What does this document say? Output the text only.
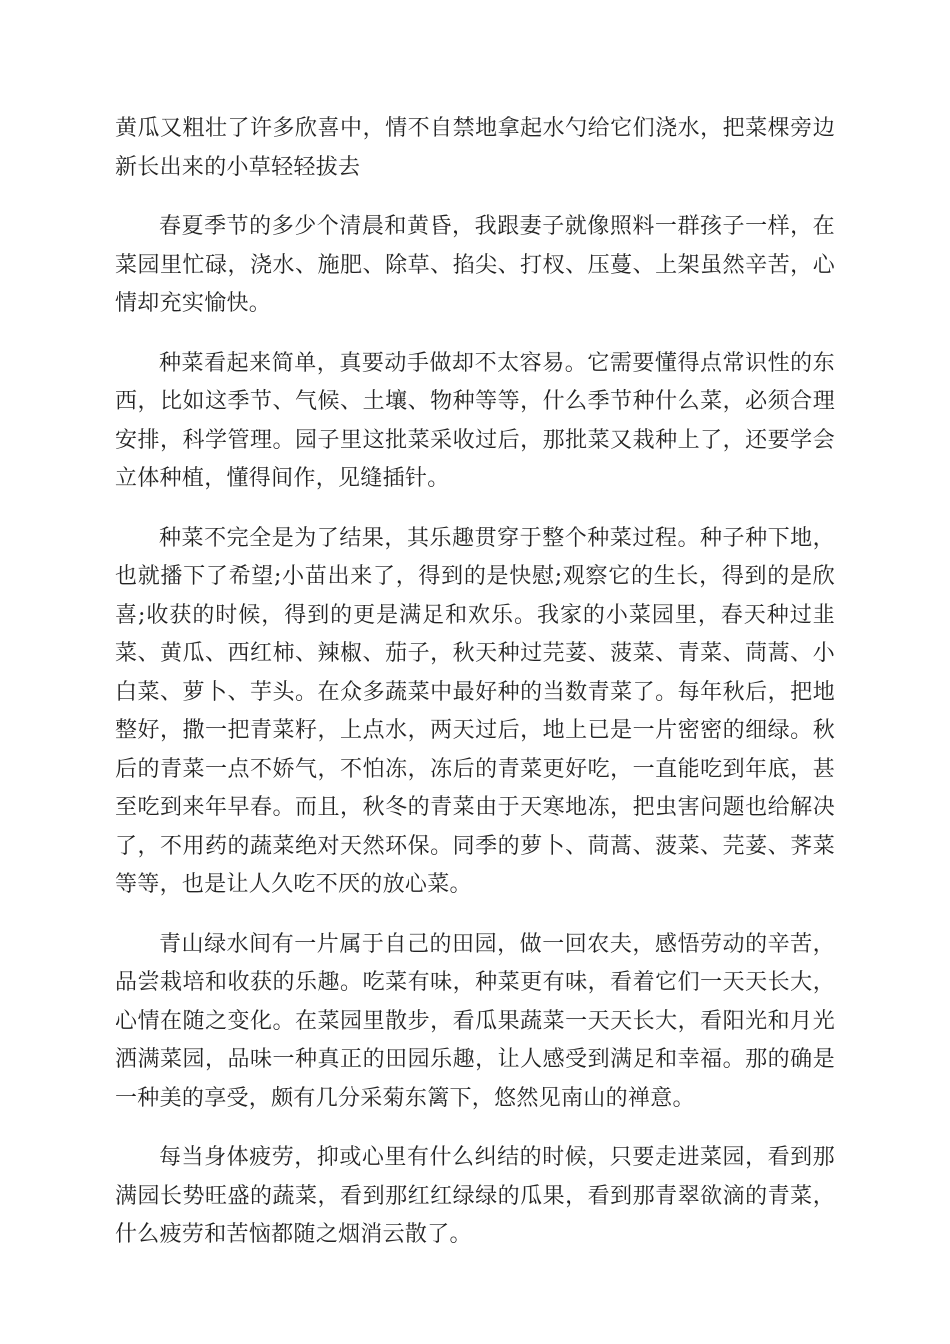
黄瓜又粗壮了许多欣喜中，情不自禁地拿起水勺给它们浇水，把菜棵旁边新长出来的小草轻轻拔去

春夏季节的多少个清晨和黄昏，我跟妻子就像照料一群孩子一样，在菜园里忙碌，浇水、施肥、除草、掐尖、打杈、压蔓、上架虽然辛苦，心情却充实愉快。

种菜看起来简单，真要动手做却不太容易。它需要懂得点常识性的东西，比如这季节、气候、土壤、物种等等，什么季节种什么菜，必须合理安排，科学管理。园子里这批菜采收过后，那批菜又栽种上了，还要学会立体种植，懂得间作，见缝插针。

种菜不完全是为了结果，其乐趣贯穿于整个种菜过程。种子种下地，也就播下了希望;小苗出来了，得到的是快慰;观察它的生长，得到的是欣喜;收获的时候，得到的更是满足和欢乐。我家的小菜园里，春天种过韭菜、黄瓜、西红柿、辣椒、茄子，秋天种过芫荽、菠菜、青菜、茼蒿、小白菜、萝卜、芋头。在众多蔬菜中最好种的当数青菜了。每年秋后，把地整好，撒一把青菜籽，上点水，两天过后，地上已是一片密密的细绿。秋后的青菜一点不娇气，不怕冻，冻后的青菜更好吃，一直能吃到年底，甚至吃到来年早春。而且，秋冬的青菜由于天寒地冻，把虫害问题也给解决了，不用药的蔬菜绝对天然环保。同季的萝卜、茼蒿、菠菜、芫荽、荠菜等等，也是让人久吃不厌的放心菜。

青山绿水间有一片属于自己的田园，做一回农夫，感悟劳动的辛苦，品尝栽培和收获的乐趣。吃菜有味，种菜更有味，看着它们一天天长大，心情在随之变化。在菜园里散步，看瓜果蔬菜一天天长大，看阳光和月光洒满菜园，品味一种真正的田园乐趣，让人感受到满足和幸福。那的确是一种美的享受，颇有几分采菊东篱下，悠然见南山的禅意。

每当身体疲劳，抑或心里有什么纠结的时候，只要走进菜园，看到那满园长势旺盛的蔬菜，看到那红红绿绿的瓜果，看到那青翠欲滴的青菜，什么疲劳和苦恼都随之烟消云散了。
